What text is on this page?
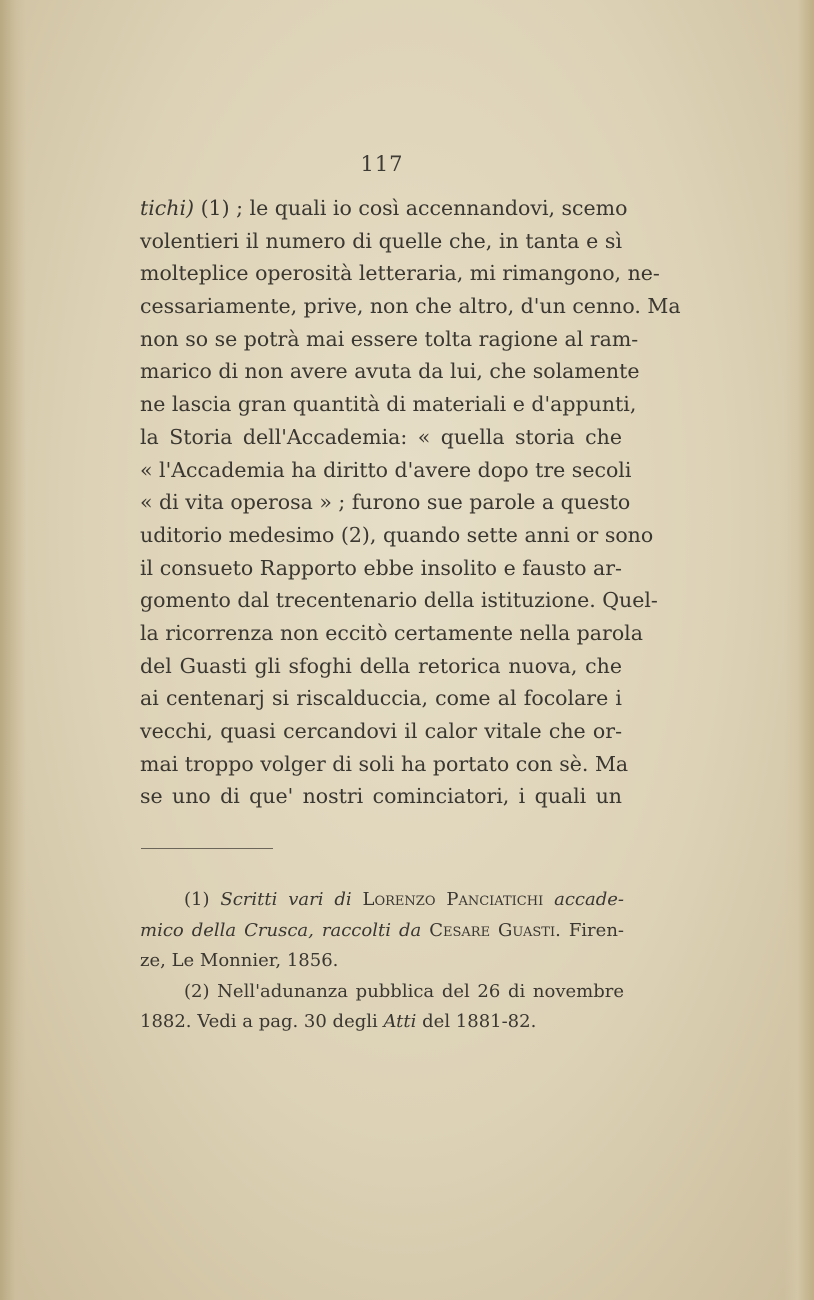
117
tichi) (1) ; le quali io così accennandovi, scemo
volentieri il numero di quelle che, in tanta e sì
molteplice operosità letteraria, mi rimangono, ne-
cessariamente, prive, non che altro, d'un cenno. Ma
non so se potrà mai essere tolta ragione al ram-
marico di non avere avuta da lui, che solamente
ne lascia gran quantità di materiali e d'appunti,
la Storia dell'Accademia: « quella storia che
« l'Accademia ha diritto d'avere dopo tre secoli
« di vita operosa » ; furono sue parole a questo
uditorio medesimo (2), quando sette anni or sono
il consueto Rapporto ebbe insolito e fausto ar-
gomento dal trecentenario della istituzione. Quel-
la ricorrenza non eccitò certamente nella parola
del Guasti gli sfoghi della retorica nuova, che
ai centenarj si riscalduccia, come al focolare i
vecchi, quasi cercandovi il calor vitale che or-
mai troppo volger di soli ha portato con sè. Ma
se uno di que' nostri cominciatori, i quali un
(1) Scritti vari di Lorenzo Panciatichi accade-
mico della Crusca, raccolti da Cesare Guasti. Firen-
ze, Le Monnier, 1856.
(2) Nell'adunanza pubblica del 26 di novembre
1882. Vedi a pag. 30 degli Atti del 1881-82.
